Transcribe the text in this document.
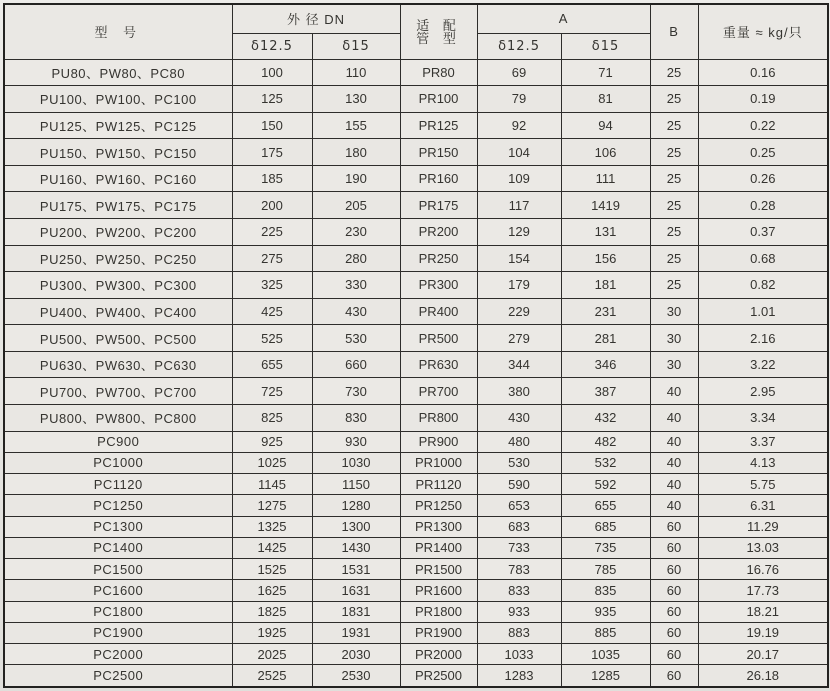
型 号	外 径 DN		适 配
管 型	A		B	重量 ≈ kg/只
	δ12.5	δ15		δ12.5	δ15		
PU80、PW80、PC80	100	110	PR80	69	71	25	0.16
PU100、PW100、PC100	125	130	PR100	79	81	25	0.19
PU125、PW125、PC125	150	155	PR125	92	94	25	0.22
PU150、PW150、PC150	175	180	PR150	104	106	25	0.25
PU160、PW160、PC160	185	190	PR160	109	111	25	0.26
PU175、PW175、PC175	200	205	PR175	117	1419	25	0.28
PU200、PW200、PC200	225	230	PR200	129	131	25	0.37
PU250、PW250、PC250	275	280	PR250	154	156	25	0.68
PU300、PW300、PC300	325	330	PR300	179	181	25	0.82
PU400、PW400、PC400	425	430	PR400	229	231	30	1.01
PU500、PW500、PC500	525	530	PR500	279	281	30	2.16
PU630、PW630、PC630	655	660	PR630	344	346	30	3.22
PU700、PW700、PC700	725	730	PR700	380	387	40	2.95
PU800、PW800、PC800	825	830	PR800	430	432	40	3.34
PC900	925	930	PR900	480	482	40	3.37
PC1000	1025	1030	PR1000	530	532	40	4.13
PC1120	1145	1150	PR1120	590	592	40	5.75
PC1250	1275	1280	PR1250	653	655	40	6.31
PC1300	1325	1300	PR1300	683	685	60	11.29
PC1400	1425	1430	PR1400	733	735	60	13.03
PC1500	1525	1531	PR1500	783	785	60	16.76
PC1600	1625	1631	PR1600	833	835	60	17.73
PC1800	1825	1831	PR1800	933	935	60	18.21
PC1900	1925	1931	PR1900	883	885	60	19.19
PC2000	2025	2030	PR2000	1033	1035	60	20.17
PC2500	2525	2530	PR2500	1283	1285	60	26.18
